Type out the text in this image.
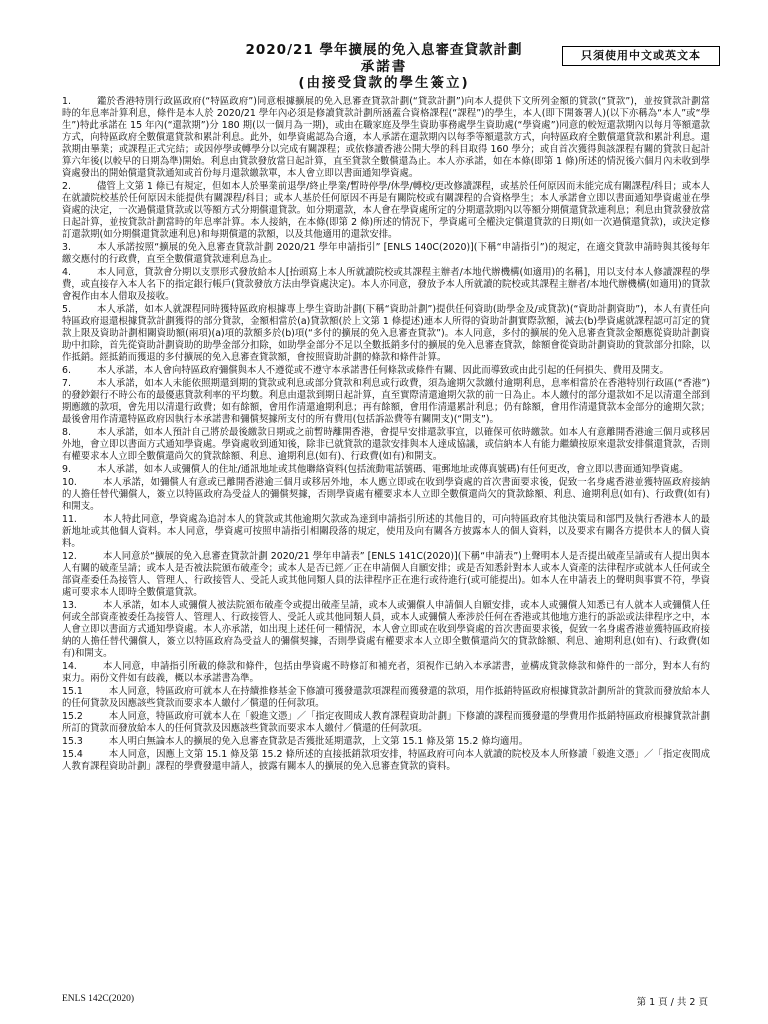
2020/21 學年擴展的免入息審查貸款計劃
承諾書
(由接受貸款的學生簽立)
只須使用中文或英文本
1.	鑑於香港特別行政區政府(“特區政府”)同意根據擴展的免入息審查貸款計劃(“貸款計劃”)向本人提供下文所列金額的貸款(“貸款”)，並按貸款計劃當時的年息率計算利息，條件是本人於 2020/21 學年內必須是修讀貸款計劃所涵蓋合資格課程(“課程”)的學生，本人(即下開簽署人)(以下亦稱為“本人”或“學生”)特此承諾在 15 年內(“還款期”)分 180 期(以一個月為一期)，或由在職家庭及學生資助事務處學生資助處(“學資處”)同意的較短還款期內以每月等額還款方式，向特區政府全數償還貸款和累計利息。此外，如學資處認為合適，本人承諾在還款期內以每季等額還款方式，向特區政府全數償還貸款和累計利息。還款期由畢業；或課程正式完結；或因停學或轉學分以完成有關課程；或依修讀香港公開大學的科目取得 160 學分；或自首次獲得與該課程有關的貸款日起計算六年後(以較早的日期為準)開始。利息由貸款發放當日起計算，直至貸款全數償還為止。本人亦承諾，如在本條(即第 1 條)所述的情況後六個月內未收到學資處發出的開始償還貸款通知或首份每月還款繳款單，本人會立即以書面通知學資處。
2.	儘管上文第 1 條已有規定，但如本人於畢業前退學/終止學業/暫時停學/休學/轉校/更改修讀課程，或基於任何原因而未能完成有關課程/科目；或本人在就讀院校基於任何原因未能提供有關課程/科目；或本人基於任何原因不再是有關院校或有關課程的合資格學生；本人承諾會立即以書面通知學資處並在學資處的決定，一次過償還貸款或以等額方式分期償還貸款。如分期還款，本人會在學資處所定的分期還款期內以等額分期償還貸款連利息；利息由貸款發放當日起計算，並按貸款計劃當時的年息率計算。本人接納，在本條(即第 2 條)所述的情況下，學資處可全權決定償還貸款的日期(如一次過償還貸款)，或決定修訂還款期(如分期償還貸款連利息)和每期償還的款額，以及其他適用的還款安排。
3.	本人承諾按照“擴展的免入息審查貸款計劃 2020/21 學年申請指引” [ENLS 140C(2020)](下稱“申請指引”)的規定，在適交貸款申請時與其後每年繳交應付的行政費，直至全數償還貸款連利息為止。
4.	本人同意，貸款會分期以支票形式發放給本人[抬頭寫上本人所就讀院校或其課程主辦者/本地代辦機構(如適用)的名稱]，用以支付本人修讀課程的學費，或直接存入本人名下的指定銀行帳戶(貸款發放方法由學資處決定)。本人亦同意，發放予本人所就讀的院校或其課程主辦者/本地代辦機構(如適用)的貸款會視作由本人借取及接收。
5.	本人承諾，如本人就課程同時獲特區政府根據專上學生資助計劃(下稱“資助計劃”)提供任何資助(助學金及/或貸款)(“資助計劃資助”)，本人有責任向特區政府退還根據貸款計劃獲得的部分貸款，金額相當於(a)貸款額(於上文第 1 條提述)連本人所得的資助計劃實際款額，減去(b)學資處就課程認可訂定的貸款上限及資助計劃相關資助額(兩項)(a)項的款額多於(b)項(“多付的擴展的免入息審查貸款”)。本人同意，多付的擴展的免入息審查貸款金額應從資助計劃資助中扣除，首先從資助計劃資助的助學金部分扣除，如助學金部分不足以全數抵銷多付的擴展的免入息審查貸款，餘額會從資助計劃資助的貸款部分扣除，以作抵銷。經抵銷而獲退的多付擴展的免入息審查貸款額，會按照資助計劃的條款和條件計算。
6.	本人承諾，本人會向特區政府彌償與本人不遵從或不遵守本承諾書任何條款或條件有關、因此而導致或由此引起的任何損失、費用及開支。
7.	本人承諾，如本人未能依照期還到期的貸款或利息或部分貸款和利息或行政費，須為逾期欠款繳付逾期利息，息率相當於在香港特別行政區(“香港”)的發鈔銀行不時公布的最優惠貸款利率的平均數。利息由還款到期日起計算，直至實際清還逾期欠款的前一日為止。本人繳付的部分還款如不足以清還全部到期應繳的款項，會先用以清還行政費；如有餘額，會用作清還逾期利息；再有餘額，會用作清還累計利息；仍有餘額，會用作清還貸款本金部分的逾期欠款；最後會用作清還特區政府因執行本承諾書和彌償契據所支付的所有費用(包括訴訟費等有關開支)(“開支”)。
8.	本人承諾，如本人預計自己將於最後繳款日期或之前暫時離開香港，會提早安排還款事宜，以確保可依時繳款。如本人有意離開香港逾三個月或移居外地，會立即以書面方式通知學資處。學資處收到通知後，除非已就貸款的還款安排與本人達成協議，或信納本人有能力繼續按原來還款安排償還貸款，否則有權要求本人立即全數償還尚欠的貸款餘額、利息、逾期利息(如有)、行政費(如有)和開支。
9.	本人承諾，如本人或彌償人的住址/通訊地址或其他聯絡資料(包括流動電話號碼、電郵地址或傳真號碼)有任何更改，會立即以書面通知學資處。
10.	本人承諾，如彌償人有意或已離開香港逾三個月或移居外地，本人應立即或在收到學資處的首次書面要求後，促致一名身處香港並獲特區政府接納的人擔任替代彌償人，簽立以特區政府為受益人的彌償契據，否則學資處有權要求本人立即全數償還尚欠的貸款餘額、利息、逾期利息(如有)、行政費(如有)和開支。
11.	本人特此同意，學資處為追討本人的貸款或其他逾期欠款或為達到申請指引所述的其他目的，可向特區政府其他決策局和部門及執行香港本人的最新地址或其他個人資料。本人同意，學資處可按照申請指引相關段落的規定，使用及向有關各方披露本人的個人資料，以及要求有關各方提供本人的個人資料。
12.	本人同意於“擴展的免入息審查貸款計劃 2020/21 學年申請表” [ENLS 141C(2020)](下稱“申請表”)上聲明本人是否提出破產呈請或有人提出與本人有關的破產呈請；或本人是否被法院頒布破產令；或本人是否已經／正在申請個人自願安排；或是否知悉針對本人或本人資產的法律程序或就本人任何或全部資產委任為接管人、管理人、行政接管人、受託人或其他同類人員的法律程序正在進行或待進行(或可能提出)。如本人在申請表上的聲明與事實不符，學資處可要求本人即時全數償還貸款。
13.	本人承諾，如本人或彌償人被法院頒布破產令或提出破產呈請，或本人或彌償人申請個人自願安排，或本人或彌償人知悉已有人就本人或彌償人任何或全部資產被委任為接管人、管理人、行政接管人、受託人或其他同類人員，或本人或彌償人牽涉於任何在香港或其他地方進行的訴訟或法律程序之中，本人會立即以書面方式通知學資處。本人亦承諾，如出現上述任何一種情況，本人會立即或在收到學資處的首次書面要求後，促致一名身處香港並獲特區政府接納的人擔任替代彌償人，簽立以特區政府為受益人的彌償契據，否則學資處有權要求本人立即全數償還尚欠的貸款餘額、利息、逾期利息(如有)、行政費(如有)和開支。
14.	本人同意，申請指引所載的條款和條件，包括由學資處不時修訂和補充者，須視作已納入本承諾書，並構成貸款條款和條件的一部分，對本人有約束力。兩份文件如有歧義，概以本承諾書為準。
15.1	本人同意，特區政府可就本人在持續推修基金下修讀可獲發還款項課程而獲發還的款項，用作抵銷特區政府根據貸款計劃所計的貸款而發放給本人的任何貸款及因應該些貸款而要求本人繳付／償還的任何款項。
15.2	本人同意，特區政府可就本人在「毅進文憑」／「指定夜間成人教育課程資助計劃」下修讀的課程而獲發還的學費用作抵銷特區政府根據貸款計劃所訂的貸款而發放給本人的任何貸款及因應該些貸款而要求本人繳付／償還的任何款項。
15.3	本人明白無論本人的擴展的免入息審查貸款是否獲批延期還款，上文第 15.1 條及第 15.2 條均適用。
15.4	本人同意，因應上文第 15.1 條及第 15.2 條所述的直接抵銷款項安排，特區政府可向本人就讀的院校及本人所修讀「毅進文憑」／「指定夜間成人教育課程資助計劃」課程的學費發還申請人，披露有關本人的擴展的免入息審查貸款的資料。
ENLS 142C(2020)	第 1 頁 / 共 2 頁
